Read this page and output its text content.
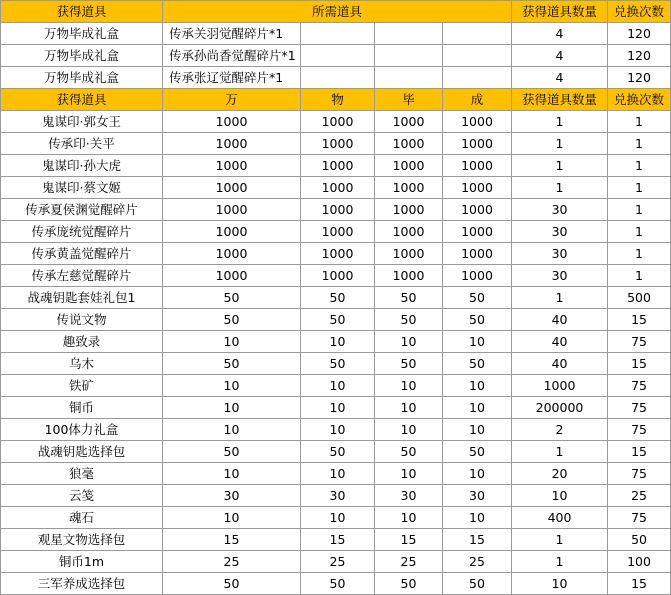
获得道具	所需道具				获得道具数量	兑换次数
万物毕成礼盒	传承关羽觉醒碎片*1				4	120
万物毕成礼盒	传承孙尚香觉醒碎片*1				4	120
万物毕成礼盒	传承张辽觉醒碎片*1				4	120
获得道具	万	物	毕	成	获得道具数量	兑换次数
鬼谋印·郭女王	1000	1000	1000	1000	1	1
传承印·关平	1000	1000	1000	1000	1	1
鬼谋印·孙大虎	1000	1000	1000	1000	1	1
鬼谋印·蔡文姬	1000	1000	1000	1000	1	1
传承夏侯渊觉醒碎片	1000	1000	1000	1000	30	1
传承庞统觉醒碎片	1000	1000	1000	1000	30	1
传承黄盖觉醒碎片	1000	1000	1000	1000	30	1
传承左慈觉醒碎片	1000	1000	1000	1000	30	1
战魂钥匙套娃礼包1	50	50	50	50	1	500
传说文物	50	50	50	50	40	15
趣致录	10	10	10	10	40	75
乌木	50	50	50	50	40	15
铁矿	10	10	10	10	1000	75
铜币	10	10	10	10	200000	75
100体力礼盒	10	10	10	10	2	75
战魂钥匙选择包	50	50	50	50	1	15
狼毫	10	10	10	10	20	75
云笺	30	30	30	30	10	25
魂石	10	10	10	10	400	75
观星文物选择包	15	15	15	15	1	50
铜币1m	25	25	25	25	1	100
三军养成选择包	50	50	50	50	10	15
